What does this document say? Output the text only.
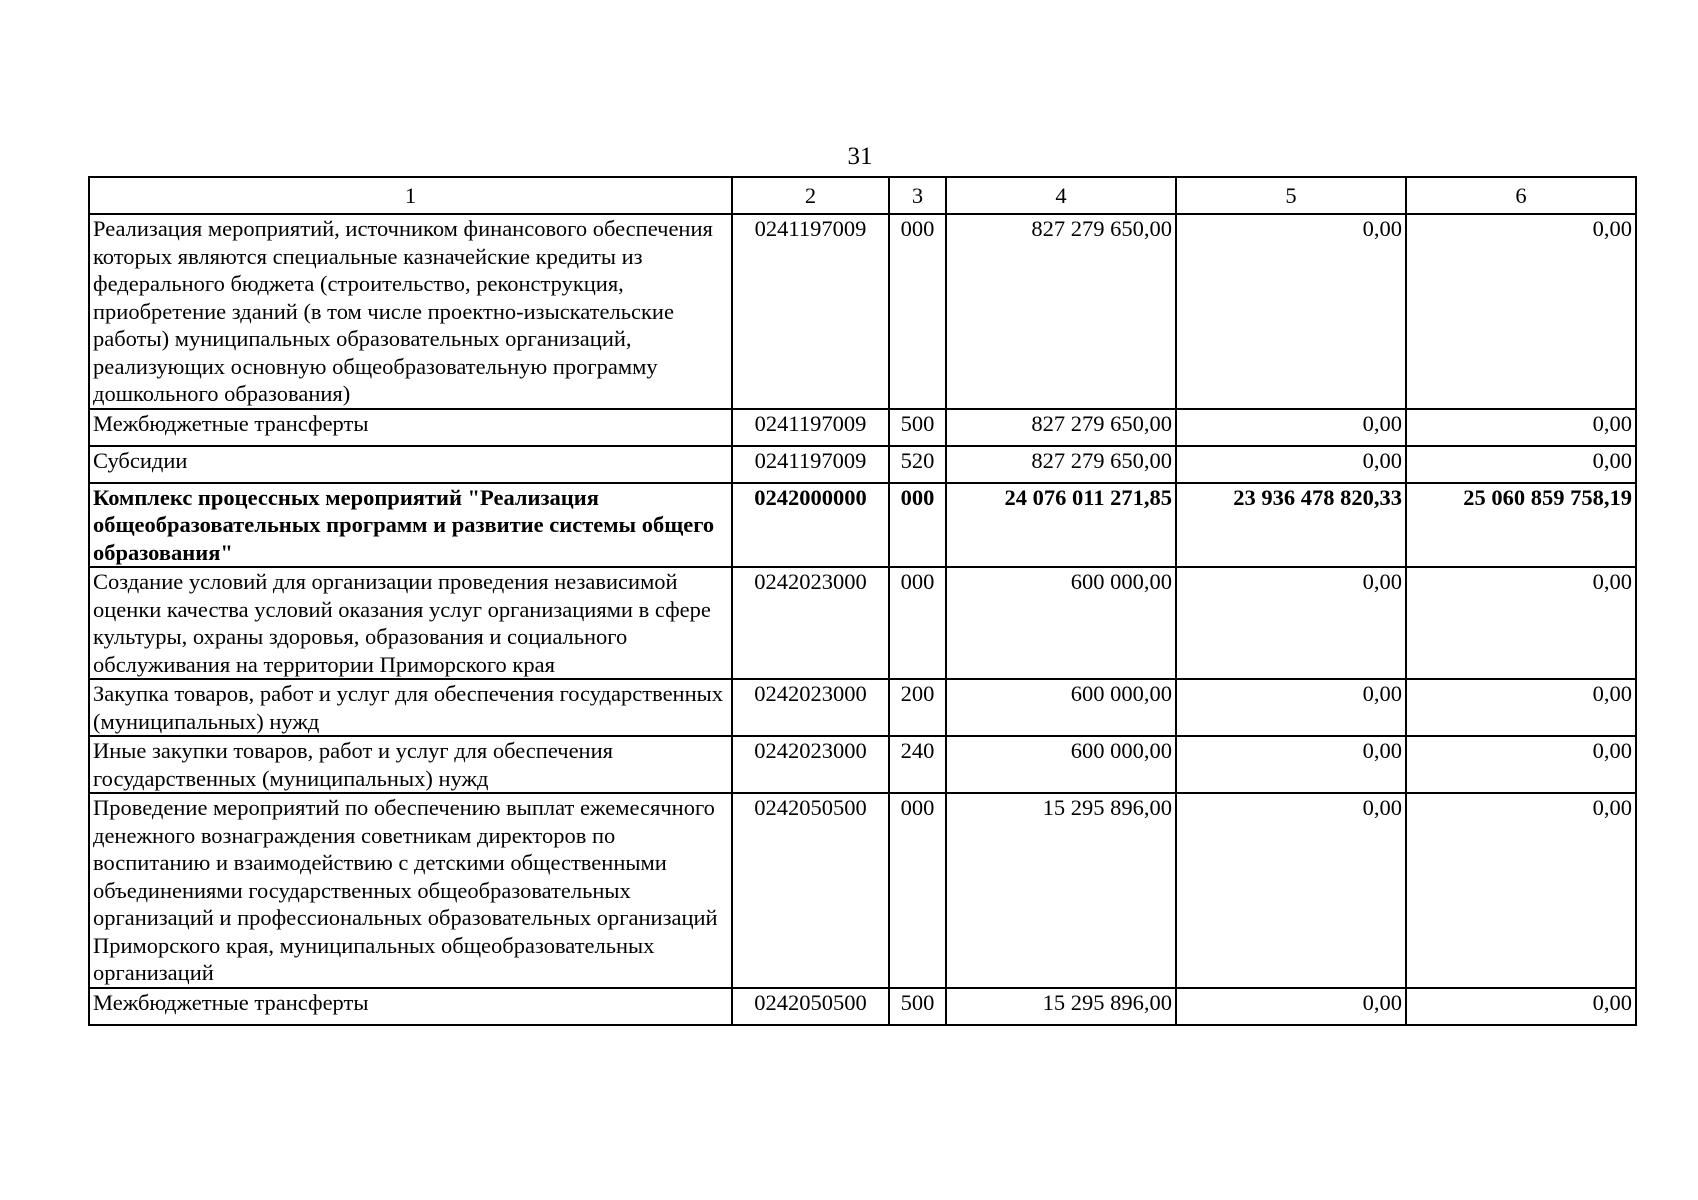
31
1	2	3	4	5	6
Реализация мероприятий, источником финансового обеспечения которых являются специальные казначейские кредиты из федерального бюджета (строительство, реконструкция, приобретение зданий (в том числе проектно-изыскательские работы) муниципальных образовательных организаций, реализующих основную общеобразовательную программу дошкольного образования)	0241197009	000	827 279 650,00	0,00	0,00
Межбюджетные трансферты	0241197009	500	827 279 650,00	0,00	0,00
Субсидии	0241197009	520	827 279 650,00	0,00	0,00
Комплекс процессных мероприятий "Реализация общеобразовательных программ и развитие системы общего образования"	0242000000	000	24 076 011 271,85	23 936 478 820,33	25 060 859 758,19
Создание условий для организации проведения независимой оценки качества условий оказания услуг организациями в сфере культуры, охраны здоровья, образования и социального обслуживания на территории Приморского края	0242023000	000	600 000,00	0,00	0,00
Закупка товаров, работ и услуг для обеспечения государственных (муниципальных) нужд	0242023000	200	600 000,00	0,00	0,00
Иные закупки товаров, работ и услуг для обеспечения государственных (муниципальных) нужд	0242023000	240	600 000,00	0,00	0,00
Проведение мероприятий по обеспечению выплат ежемесячного денежного вознаграждения советникам директоров по воспитанию и взаимодействию с детскими общественными объединениями государственных общеобразовательных организаций и профессиональных образовательных организаций Приморского края, муниципальных общеобразовательных организаций	0242050500	000	15 295 896,00	0,00	0,00
Межбюджетные трансферты	0242050500	500	15 295 896,00	0,00	0,00
